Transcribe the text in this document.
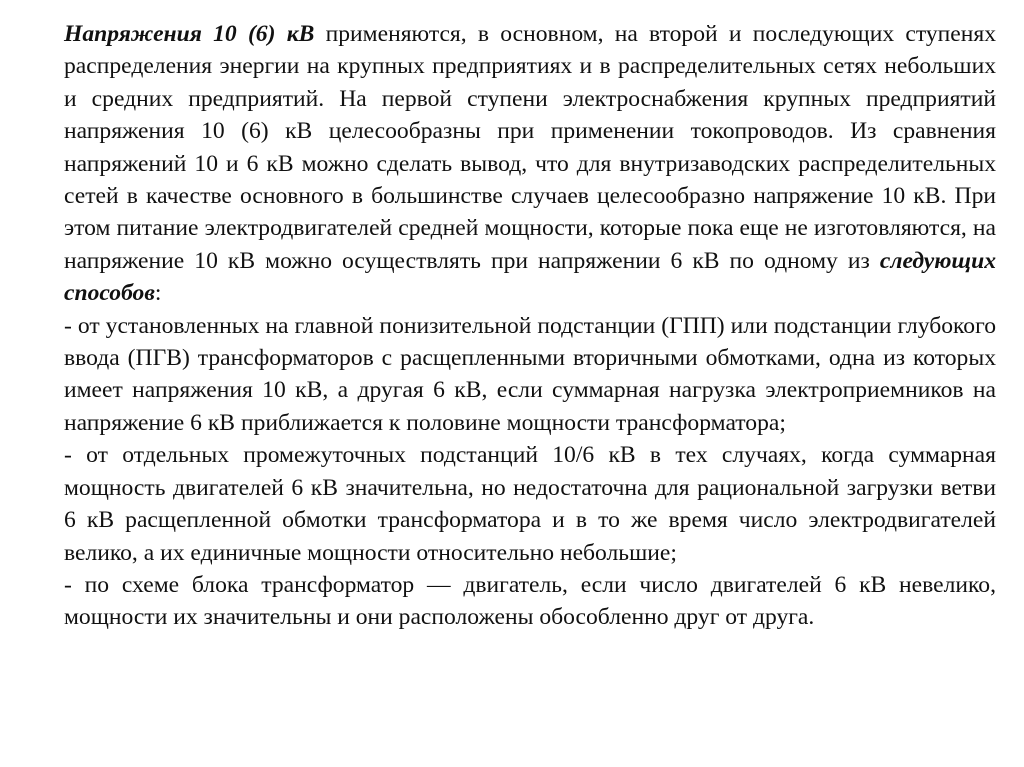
Напряжения 10 (6) кВ применяются, в основном, на второй и последующих ступенях распределения энергии на крупных предприятиях и в распределительных сетях небольших и средних предприятий. На первой ступени электроснабжения крупных предприятий напряжения 10 (6) кВ целесообразны при применении токопроводов. Из сравнения напряжений 10 и 6 кВ можно сделать вывод, что для внутризаводских распределительных сетей в качестве основного в большинстве случаев целесообразно напряжение 10 кВ. При этом питание электродвигателей средней мощности, которые пока еще не изготовляются, на напряжение 10 кВ можно осуществлять при напряжении 6 кВ по одному из следующих способов:

- от установленных на главной понизительной подстанции (ГПП) или подстанции глубокого ввода (ПГВ) трансформаторов с расщепленными вторичными обмотками, одна из которых имеет напряжения 10 кВ, а другая 6 кВ, если суммарная нагрузка электроприемников на напряжение 6 кВ приближается к половине мощности трансформатора;

- от отдельных промежуточных подстанций 10/6 кВ в тех случаях, когда суммарная мощность двигателей 6 кВ значительна, но недостаточна для рациональной загрузки ветви 6 кВ расщепленной обмотки трансформатора и в то же время число электродвигателей велико, а их единичные мощности относительно небольшие;

- по схеме блока трансформатор — двигатель, если число двигателей 6 кВ невелико, мощности их значительны и они расположены обособленно друг от друга.
